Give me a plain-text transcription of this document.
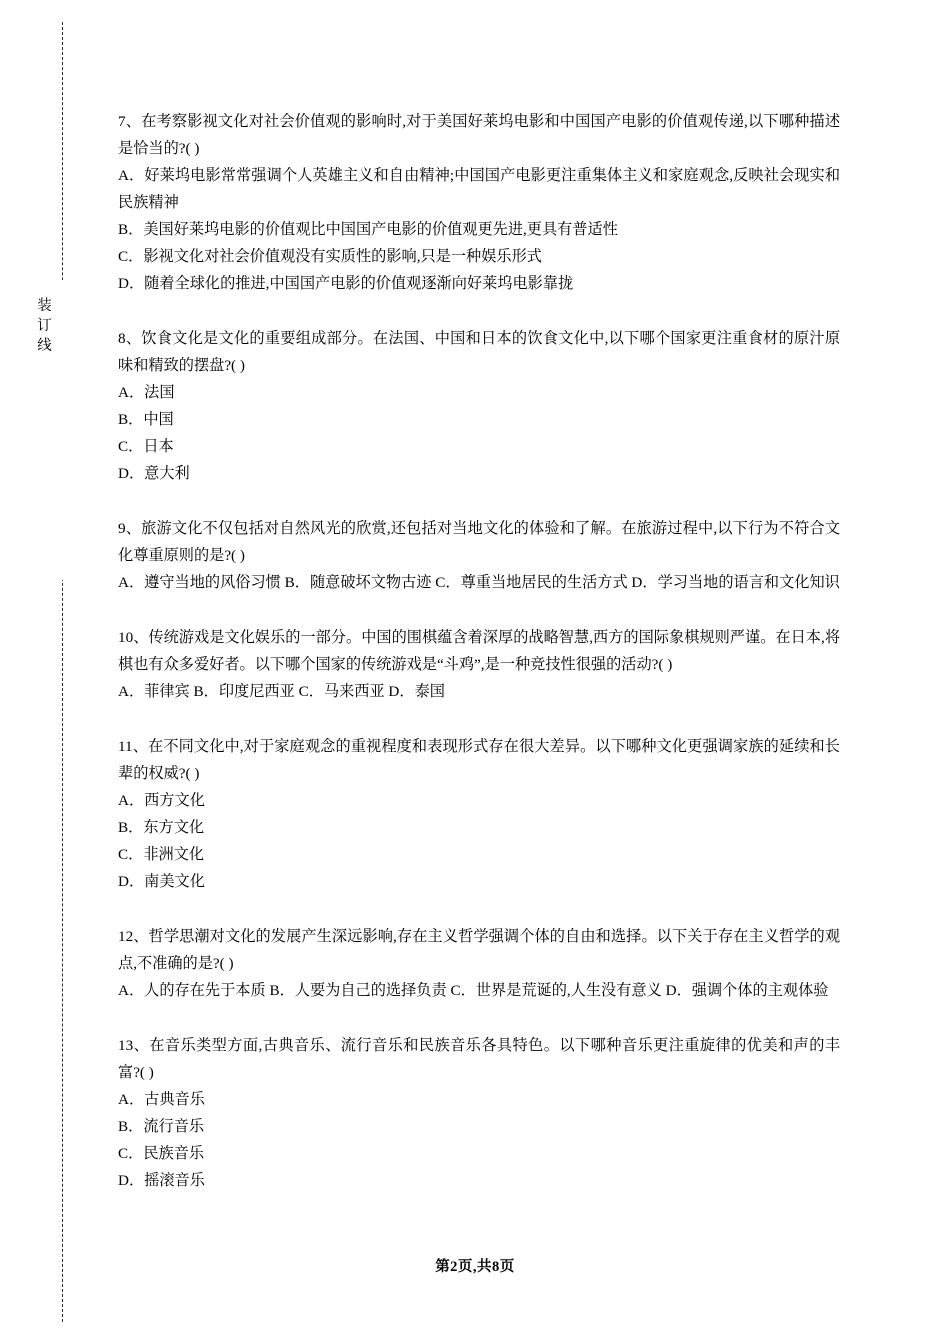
装订线
7、在考察影视文化对社会价值观的影响时,对于美国好莱坞电影和中国国产电影的价值观传递,以下哪种描述是恰当的?( )
A．好莱坞电影常常强调个人英雄主义和自由精神;中国国产电影更注重集体主义和家庭观念,反映社会现实和民族精神
B．美国好莱坞电影的价值观比中国国产电影的价值观更先进,更具有普适性
C．影视文化对社会价值观没有实质性的影响,只是一种娱乐形式
D．随着全球化的推进,中国国产电影的价值观逐渐向好莱坞电影靠拢
8、饮食文化是文化的重要组成部分。在法国、中国和日本的饮食文化中,以下哪个国家更注重食材的原汁原味和精致的摆盘?( )
A．法国
B．中国
C．日本
D．意大利
9、旅游文化不仅包括对自然风光的欣赏,还包括对当地文化的体验和了解。在旅游过程中,以下行为不符合文化尊重原则的是?( )
A．遵守当地的风俗习惯 B．随意破坏文物古迹 C．尊重当地居民的生活方式 D．学习当地的语言和文化知识
10、传统游戏是文化娱乐的一部分。中国的围棋蕴含着深厚的战略智慧,西方的国际象棋规则严谨。在日本,将棋也有众多爱好者。以下哪个国家的传统游戏是“斗鸡”,是一种竞技性很强的活动?( )
A．菲律宾 B．印度尼西亚 C．马来西亚 D．泰国
11、在不同文化中,对于家庭观念的重视程度和表现形式存在很大差异。以下哪种文化更强调家族的延续和长辈的权威?( )
A．西方文化
B．东方文化
C．非洲文化
D．南美文化
12、哲学思潮对文化的发展产生深远影响,存在主义哲学强调个体的自由和选择。以下关于存在主义哲学的观点,不准确的是?( )
A．人的存在先于本质 B．人要为自己的选择负责 C．世界是荒诞的,人生没有意义 D．强调个体的主观体验
13、在音乐类型方面,古典音乐、流行音乐和民族音乐各具特色。以下哪种音乐更注重旋律的优美和声的丰富?( )
A．古典音乐
B．流行音乐
C．民族音乐
D．摇滚音乐
第2页,共8页
